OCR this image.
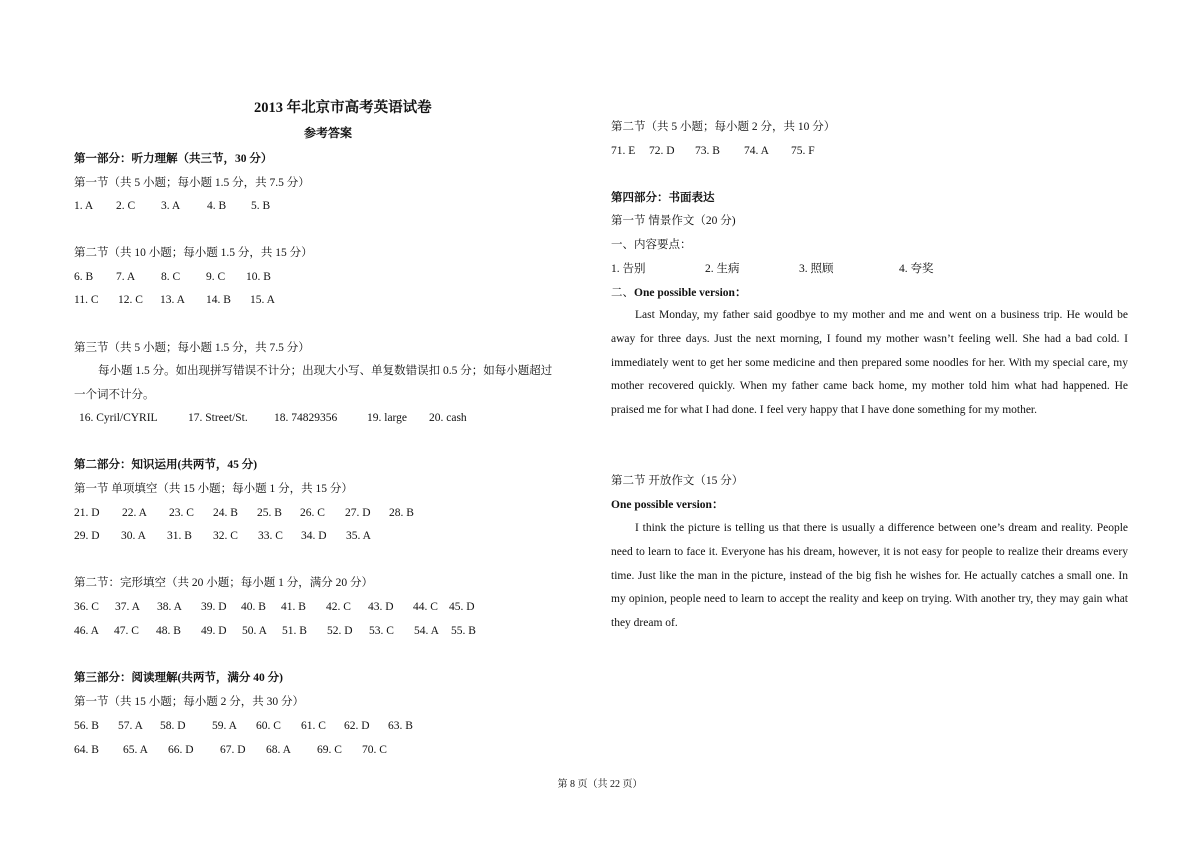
2013 年北京市高考英语试卷
参考答案
第一部分：听力理解（共三节，30 分）
第一节（共 5 小题；每小题 1.5 分，共 7.5 分）
1. A 2. C 3. A 4. B 5. B
第二节（共 10 小题；每小题 1.5 分，共 15 分）
6. B 7. A 8. C 9. C 10. B
11. C 12. C 13. A 14. B 15. A
第三节（共 5 小题；每小题 1.5 分，共 7.5 分）
每小题 1.5 分。如出现拼写错误不计分；出现大小写、单复数错误扣 0.5 分；如每小题超过
一个词不计分。
16. Cyril/CYRIL	17. Street/St. 18. 74829356	19. large 20. cash
第二部分：知识运用(共两节，45 分)
第一节 单项填空（共 15 小题；每小题 1 分，共 15 分）
21. D 22. A 23. C 24. B 25. B 26. C 27. D 28. B
29. D 30. A 31. B 32. C 33. C 34. D 35. A
第二节：完形填空（共 20 小题；每小题 1 分，满分 20 分）
36. C 37. A 38. A 39. D 40. B 41. B 42. C 43. D 44. C 45. D
46. A 47. C 48. B 49. D 50. A 51. B 52. D 53. C 54. A 55. B
第三部分：阅读理解(共两节，满分 40 分)
第一节（共 15 小题；每小题 2 分，共 30 分）
56. B 57. A 58. D 59. A 60. C 61. C 62. D 63. B
64. B 65. A 66. D 67. D 68. A 69. C 70. C
第二节（共 5 小题；每小题 2 分，共 10 分）
71. E 72. D 73. B 74. A 75. F
第四部分：书面表达
第一节 情景作文（20 分)
一、内容要点：
1. 告别	2. 生病	3. 照顾	4. 夸奖
二、One possible version：
Last Monday, my father said goodbye to my mother and me and went on a business trip. He would be away for three days. Just the next morning, I found my mother wasn’t feeling well. She had a bad cold. I immediately went to get her some medicine and then prepared some noodles for her. With my special care, my mother recovered quickly. When my father came back home, my mother told him what had happened. He praised me for what I had done. I feel very happy that I have done something for my mother.
第二节 开放作文（15 分）
One possible version：
I think the picture is telling us that there is usually a difference between one’s dream and reality. People need to learn to face it. Everyone has his dream, however, it is not easy for people to realize their dreams every time. Just like the man in the picture, instead of the big fish he wishes for. He actually catches a small one. In my opinion, people need to learn to accept the reality and keep on trying. With another try, they may gain what they dream of.
第 8 页（共 22 页）
